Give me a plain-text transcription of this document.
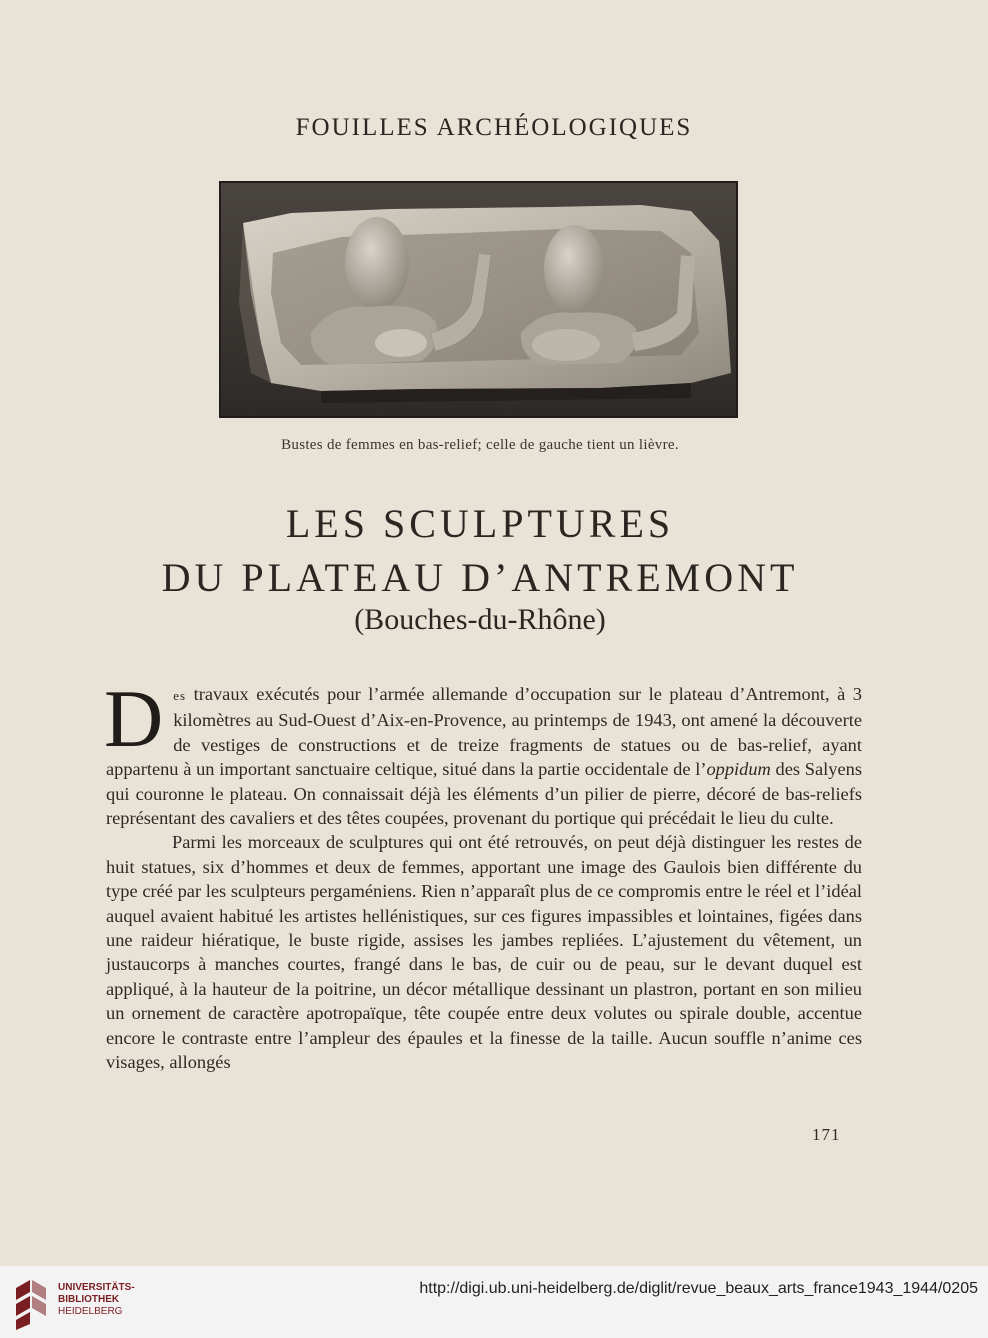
FOUILLES ARCHÉOLOGIQUES
Bustes de femmes en bas-relief; celle de gauche tient un lièvre.
LES SCULPTURES
DU PLATEAU D’ANTREMONT
(Bouches-du-Rhône)

Des travaux exécutés pour l’armée allemande d’occupation sur le plateau d’Antremont, à 3 kilomètres au Sud-Ouest d’Aix-en-Provence, au printemps de 1943, ont amené la découverte de vestiges de constructions et de treize fragments de statues ou de bas-relief, ayant appartenu à un important sanctuaire celtique, situé dans la partie occidentale de l’oppidum des Salyens qui couronne le plateau. On connaissait déjà les éléments d’un pilier de pierre, décoré de bas-reliefs représentant des cavaliers et des têtes coupées, provenant du portique qui précédait le lieu du culte.

Parmi les morceaux de sculptures qui ont été retrouvés, on peut déjà distinguer les restes de huit statues, six d’hommes et deux de femmes, apportant une image des Gaulois bien différente du type créé par les sculpteurs pergaméniens. Rien n’apparaît plus de ce compromis entre le réel et l’idéal auquel avaient habitué les artistes hellénistiques, sur ces figures impassibles et lointaines, figées dans une raideur hiératique, le buste rigide, assises les jambes repliées. L’ajustement du vêtement, un justaucorps à manches courtes, frangé dans le bas, de cuir ou de peau, sur le devant duquel est appliqué, à la hauteur de la poitrine, un décor métallique dessinant un plastron, portant en son milieu un ornement de caractère apotropaïque, tête coupée entre deux volutes ou spirale double, accentue encore le contraste entre l’ampleur des épaules et la finesse de la taille. Aucun souffle n’anime ces visages, allongés

171
UNIVERSITÄTS-
BIBLIOTHEK
HEIDELBERG
http://digi.ub.uni-heidelberg.de/diglit/revue_beaux_arts_france1943_1944/0205
